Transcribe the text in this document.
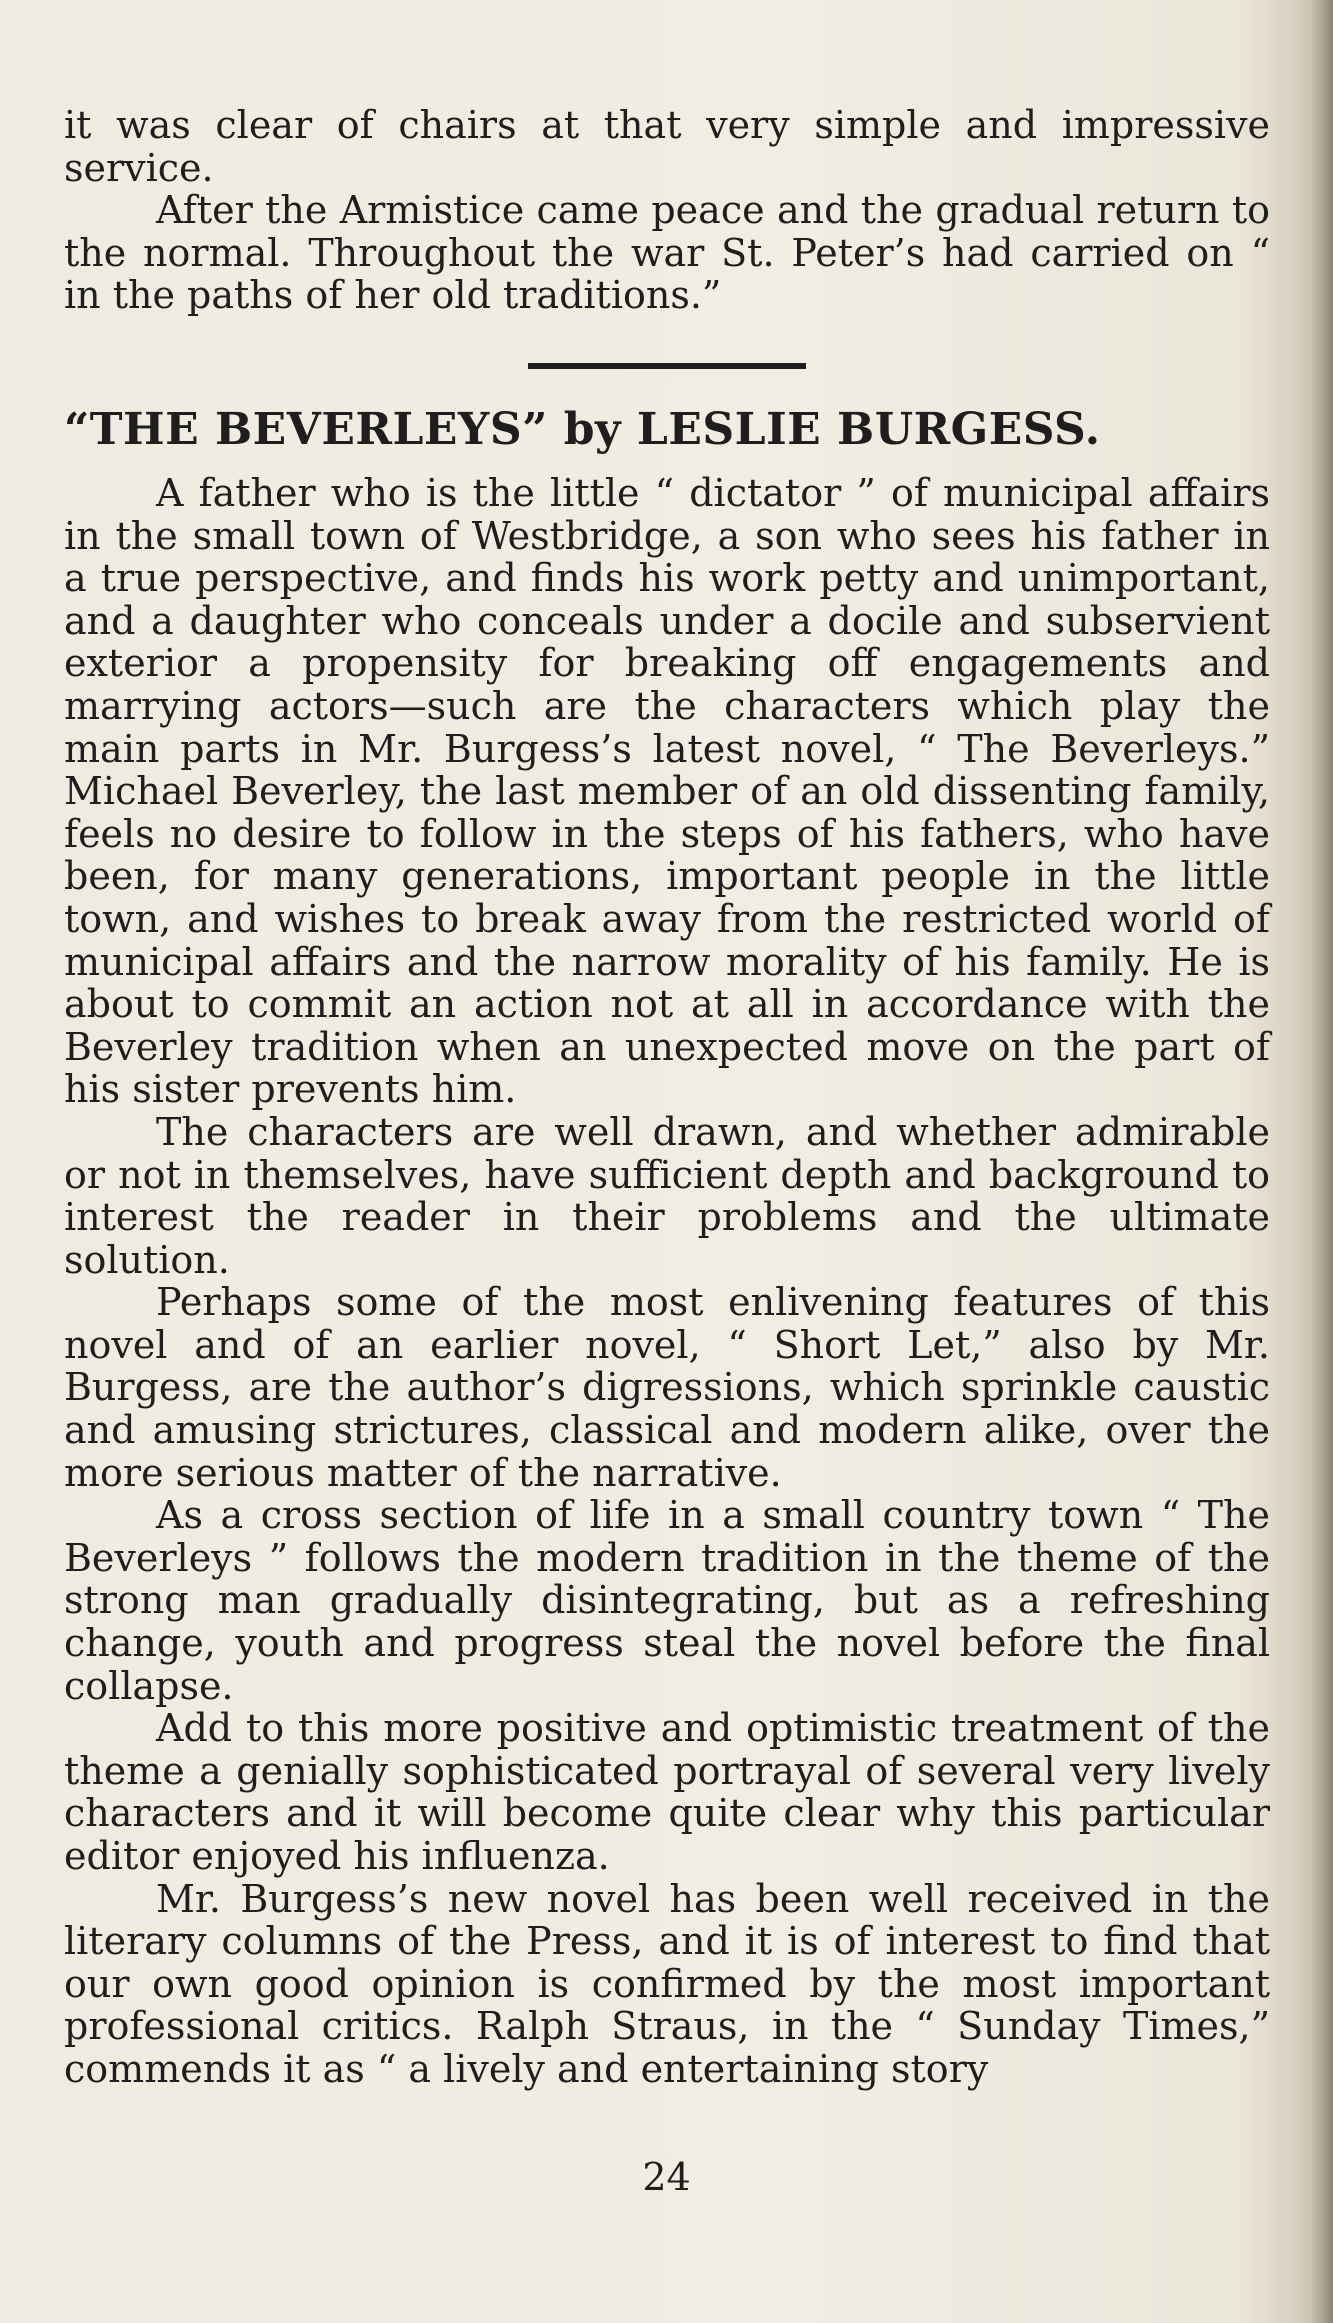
it was clear of chairs at that very simple and impressive service.

After the Armistice came peace and the gradual return to the normal. Throughout the war St. Peter’s had carried on “ in the paths of her old traditions.”

“THE BEVERLEYS” by LESLIE BURGESS.

A father who is the little “ dictator ” of municipal affairs in the small town of Westbridge, a son who sees his father in a true perspective, and finds his work petty and unimportant, and a daughter who conceals under a docile and subservient exterior a propensity for breaking off engagements and marrying actors—such are the characters which play the main parts in Mr. Burgess’s latest novel, “ The Beverleys.” Michael Beverley, the last member of an old dissenting family, feels no desire to follow in the steps of his fathers, who have been, for many generations, important people in the little town, and wishes to break away from the restricted world of municipal affairs and the narrow morality of his family. He is about to commit an action not at all in accordance with the Beverley tradition when an unexpected move on the part of his sister prevents him.

The characters are well drawn, and whether admirable or not in themselves, have sufficient depth and background to interest the reader in their problems and the ultimate solution.

Perhaps some of the most enlivening features of this novel and of an earlier novel, “ Short Let,” also by Mr. Burgess, are the author’s digressions, which sprinkle caustic and amusing strictures, classical and modern alike, over the more serious matter of the narrative.

As a cross section of life in a small country town “ The Beverleys ” follows the modern tradition in the theme of the strong man gradually disintegrating, but as a refreshing change, youth and progress steal the novel before the final collapse.

Add to this more positive and optimistic treatment of the theme a genially sophisticated portrayal of several very lively characters and it will become quite clear why this particular editor enjoyed his influenza.

Mr. Burgess’s new novel has been well received in the literary columns of the Press, and it is of interest to find that our own good opinion is confirmed by the most important professional critics. Ralph Straus, in the “ Sunday Times,” commends it as “ a lively and entertaining story

24
